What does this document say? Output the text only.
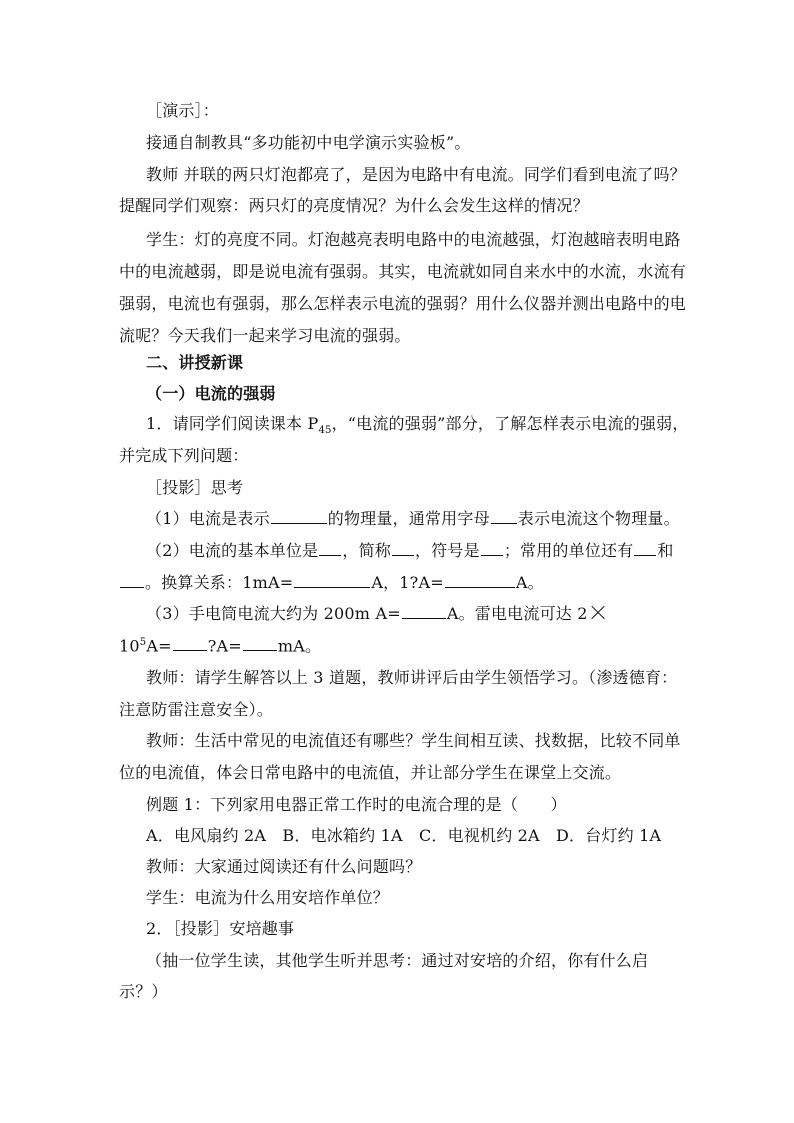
［演示］：
接通自制教具“多功能初中电学演示实验板”。
教师 并联的两只灯泡都亮了，是因为电路中有电流。同学们看到电流了吗？
提醒同学们观察：两只灯的亮度情况？为什么会发生这样的情况？
学生：灯的亮度不同。灯泡越亮表明电路中的电流越强，灯泡越暗表明电路
中的电流越弱，即是说电流有强弱。其实，电流就如同自来水中的水流，水流有
强弱，电流也有强弱，那么怎样表示电流的强弱？用什么仪器并测出电路中的电
流呢？今天我们一起来学习电流的强弱。
二、讲授新课
（一）电流的强弱
1．请同学们阅读课本 $P_{45}$，“电流的强弱”部分，了解怎样表示电流的强弱，
并完成下列问题：
［投影］思考
（1）电流是表示	的物理量，通常用字母 表示电流这个物理量。
（2）电流的基本单位是 ，简称 ，符号是 ；常用的单位还有 和
。换算关系：1mA=	A，1?A=	A。
（3）手电筒电流大约为 200m A=	A。雷电电流可达 2
$10^5A=$ ?A= mA。
教师：请学生解答以上 3 道题，教师讲评后由学生领悟学习。（渗透德育：
注意防雷注意安全）。
教师：生活中常见的电流值还有哪些？学生间相互读、找数据，比较不同单
位的电流值，体会日常电路中的电流值，并让部分学生在课堂上交流。
例题 1：下列家用电器正常工作时的电流合理的是（　　）
A．电风扇约 2A　B．电冰箱约 1A　C．电视机约 2A　D．台灯约 1A
教师：大家通过阅读还有什么问题吗？
学生：电流为什么用安培作单位？
2．［投影］安培趣事
（抽一位学生读，其他学生听并思考：通过对安培的介绍，你有什么启
示？）
